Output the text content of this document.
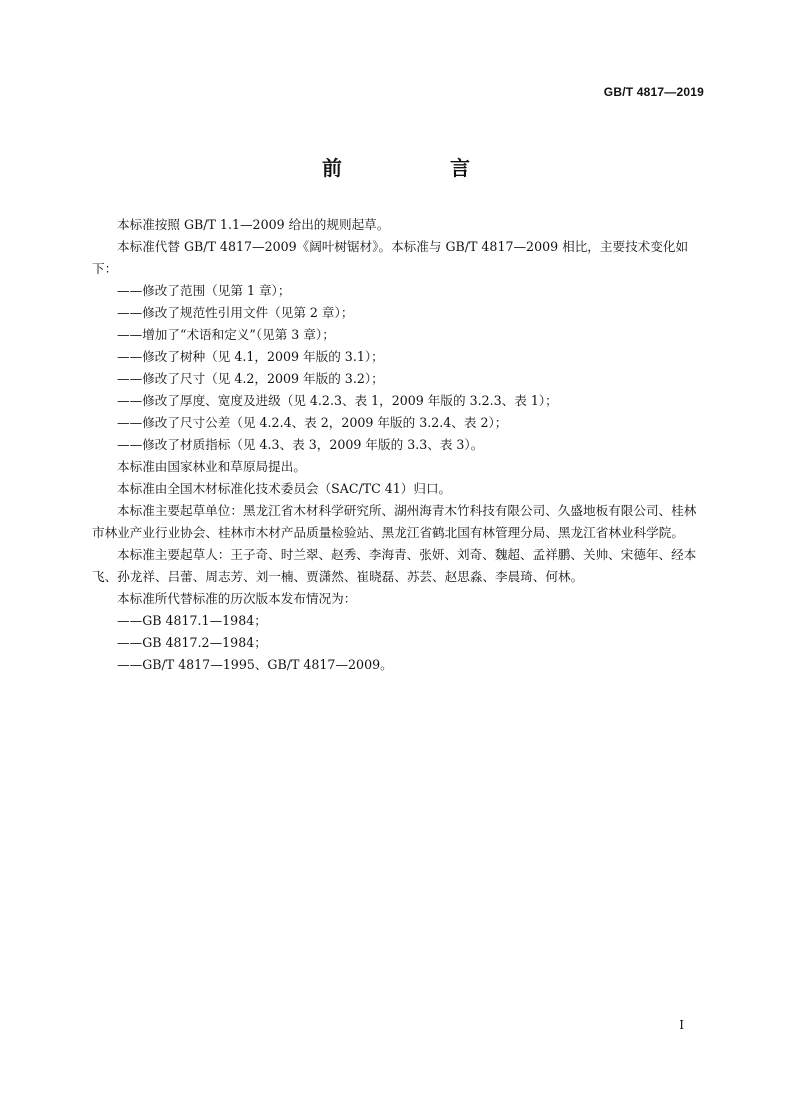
GB/T 4817—2019
前　言

本标准按照 GB/T 1.1—2009 给出的规则起草。

本标准代替 GB/T 4817—2009《阔叶树锯材》。本标准与 GB/T 4817—2009 相比，主要技术变化如下：

——修改了范围（见第 1 章）；

——修改了规范性引用文件（见第 2 章）；

——增加了“术语和定义”（见第 3 章）；

——修改了树种（见 4.1，2009 年版的 3.1）；

——修改了尺寸（见 4.2，2009 年版的 3.2）；

——修改了厚度、宽度及进级（见 4.2.3、表 1，2009 年版的 3.2.3、表 1）；

——修改了尺寸公差（见 4.2.4、表 2，2009 年版的 3.2.4、表 2）；

——修改了材质指标（见 4.3、表 3，2009 年版的 3.3、表 3）。

本标准由国家林业和草原局提出。

本标准由全国木材标准化技术委员会（SAC/TC 41）归口。

本标准主要起草单位：黑龙江省木材科学研究所、湖州海青木竹科技有限公司、久盛地板有限公司、桂林市林业产业行业协会、桂林市木材产品质量检验站、黑龙江省鹤北国有林管理分局、黑龙江省林业科学院。

本标准主要起草人：王子奇、时兰翠、赵秀、李海青、张妍、刘奇、魏超、孟祥鹏、关帅、宋德年、经本飞、孙龙祥、吕蕾、周志芳、刘一楠、贾潇然、崔晓磊、苏芸、赵思淼、李晨琦、何林。

本标准所代替标准的历次版本发布情况为：

——GB 4817.1—1984；

——GB 4817.2—1984；

——GB/T 4817—1995、GB/T 4817—2009。

I
